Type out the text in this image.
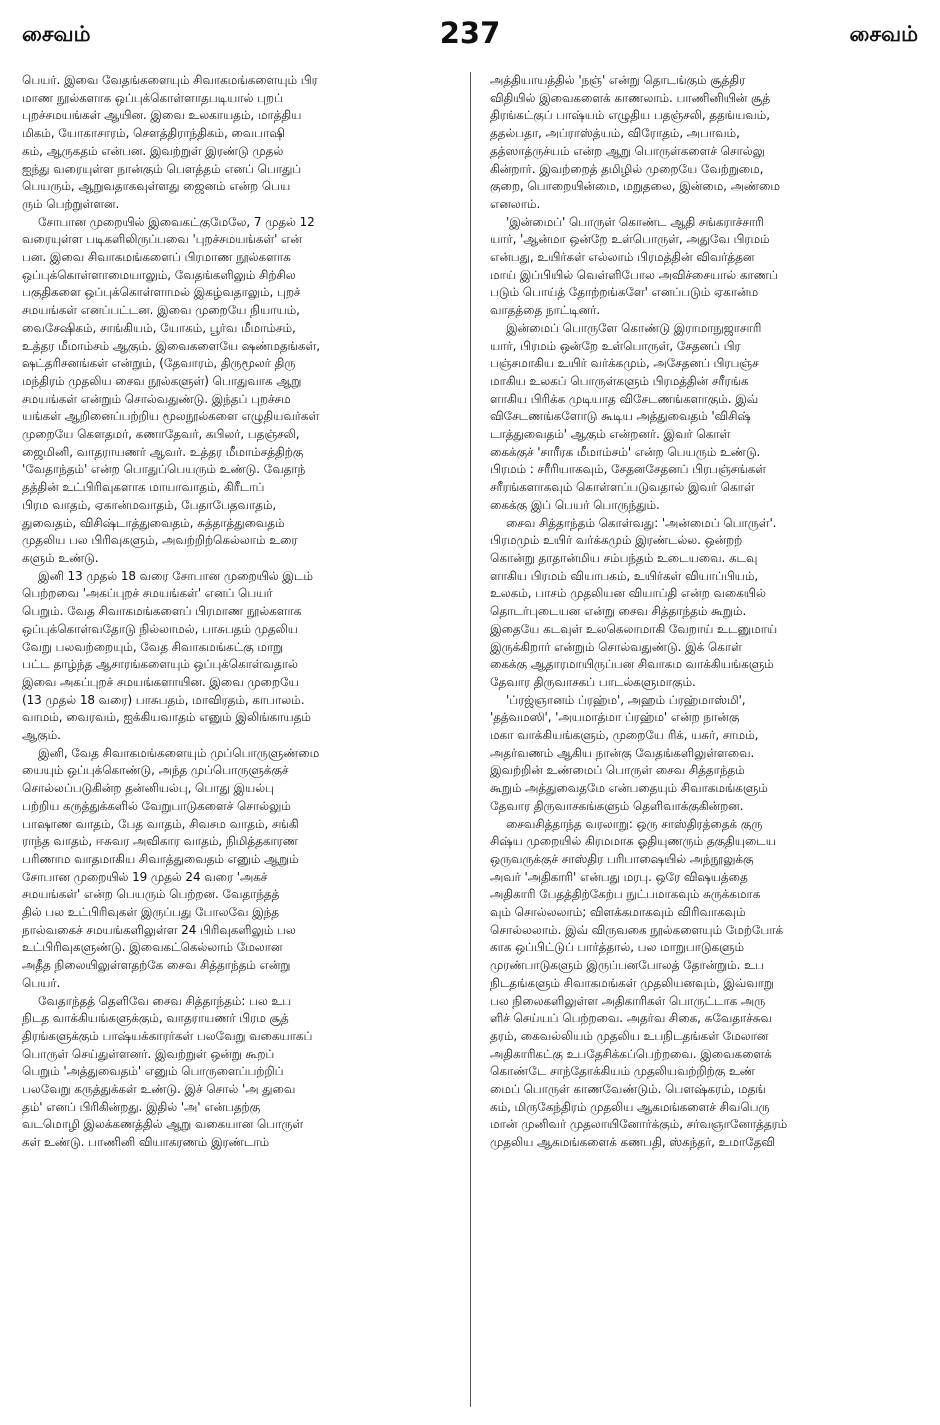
சைவம்	237	சைவம்
பெயர். இவை வேதங்களையும் சிவாகமங்களையும் பிர
மாண நூல்களாக ஒப்புக்கொள்ளாதபடியால் புறப்
புறச்சமயங்கள் ஆயின. இவை உலகாயதம், மாத்திய
மிகம், யோகாசாரம், சௌத்திராந்திகம், வைபாஷி
கம், ஆருகதம் என்பன. இவற்றுள் இரண்டு முதல்
ஐந்து வரையுள்ள நான்கும் பௌத்தம் எனப் பொதுப்
பெயரும், ஆறுவதாகவுள்ளது ஜைனம் என்ற பெய
ரும் பெற்றுள்ளன.
சோபான முறையில் இவைகட்குமேலே, 7 முதல் 12
வரையுள்ள படிகளிலிருப்பவை 'புறச்சமயங்கள்' என்
பன. இவை சிவாகமங்களைப் பிரமாண நூல்களாக
ஒப்புக்கொள்ளாமையாலும், வேதங்களிலும் சிற்சில
பகுதிகளை ஒப்புக்கொள்ளாமல் இகழ்வதாலும், புறச்
சமயங்கள் எனப்பட்டன. இவை முறையே நியாயம்,
வைசேஷிகம், சாங்கியம், யோகம், பூர்வ மீமாம்சம்,
உத்தர மீமாம்சம் ஆகும். இவைகளையே ஷண்மதங்கள்,
ஷட்தரிசனங்கள் என்றும், (தேவாரம், திருமூலர் திரு
மந்திரம் முதலிய சைவ நூல்களுள்) பொதுவாக ஆறு
சமயங்கள் என்றும் சொல்வதுண்டு. இந்தப் புறச்சம
யங்கள் ஆறினைப்பற்றிய மூலநூல்களை எழுதியவர்கள்
முறையே கௌதமர், கணாதேவர், கபிலர், பதஞ்சலி,
ஜைமினி, வாதராயணர் ஆவர். உத்தர மீமாம்சத்திற்கு
'வேதாந்தம்' என்ற பொதுப்பெயரும் உண்டு. வேதாந்
தத்தின் உட்பிரிவுகளாக மாயாவாதம், கிரீடாப்
பிரம வாதம், ஏகான்மவாதம், பேதாபேதவாதம்,
துவைதம், விசிஷ்டாத்துவைதம், சுத்தாத்துவைதம்
முதலிய பல பிரிவுகளும், அவற்றிற்கெல்லாம் உரை
களும் உண்டு.
இனி 13 முதல் 18 வரை சோபான முறையில் இடம்
பெற்றவை 'அகப்புறச் சமயங்கள்' எனப் பெயர்
பெறும். வேத சிவாகமங்களைப் பிரமாண நூல்களாக
ஒப்புக்கொள்வதோடு நில்லாமல், பாசுபதம் முதலிய
வேறு பலவற்றையும், வேத சிவாகமங்கட்கு மாறு
பட்ட தாழ்ந்த ஆசாரங்களையும் ஒப்புக்கொள்வதால்
இவை அகப்புறச் சமயங்களாயின. இவை முறையே
(13 முதல் 18 வரை) பாசுபதம், மாவிரதம், காபாலம்.
வாமம், வைரவம், ஐக்கியவாதம் எனும் இலிங்காயதம்
ஆகும்.
இனி, வேத சிவாகமங்களையும் முப்பொருளுண்மை
யையும் ஒப்புக்கொண்டு, அந்த முப்பொருளுக்குச்
சொல்லப்படுகின்ற தன்னியல்பு, பொது இயல்பு
பற்றிய கருத்துக்களில் வேறுபாடுகளைச் சொல்லும்
பாஷாண வாதம், பேத வாதம், சிவசம வாதம், சங்கி
ராந்த வாதம், ஈசுவர அவிகார வாதம், நிமித்தகாரண
பரிணாம வாதமாகிய சிவாத்துவைதம் எனும் ஆறும்
சோபான முறையில் 19 முதல் 24 வரை 'அகச்
சமயங்கள்' என்ற பெயரும் பெற்றன. வேதாந்தத்
தில் பல உட்பிரிவுகள் இருப்பது போலவே இந்த
நால்வகைச் சமயங்களிலுள்ள 24 பிரிவுகளிலும் பல
உட்பிரிவுகளுண்டு. இவைகட்கெல்லாம் மேலான
அதீத நிலையிலுள்ளதற்கே சைவ சித்தாந்தம் என்று
பெயர்.
வேதாந்தத் தெளிவே சைவ சித்தாந்தம்: பல உப
நிடத வாக்கியங்களுக்கும், வாதராயணர் பிரம சூத்
திரங்களுக்கும் பாஷ்யக்காரர்கள் பலவேறு வகையாகப்
பொருள் செய்துள்ளனர். இவற்றுள் ஒன்று கூறப்
பெறும் 'அத்துவைதம்' எனும் பொருளைப்பற்றிப்
பலவேறு கருத்துக்கள் உண்டு. இச் சொல் 'அ துவை
தம்' எனப் பிரிகின்றது. இதில் 'அ' என்பதற்கு
வடமொழி இலக்கணத்தில் ஆறு வகையான பொருள்
கள் உண்டு. பாணினி வியாகரணம் இரண்டாம்
அத்தியாயத்தில் 'நஞ்' என்று தொடங்கும் சூத்திர
விதியில் இவைகளைக் காணலாம். பாணினியின் சூத்
திரங்கட்குப் பாஷ்யம் எழுதிய பதஞ்சலி, ததங்யவம்,
ததல்பதா, அப்ராஸ்த்யம், விரோதம், அபாவம்,
தத்ஸாத்ருச்யம் என்ற ஆறு பொருள்களைச் சொல்லு
கின்றார். இவற்றைத் தமிழில் முறையே வேற்றுமை,
குறை, பொறையின்மை, மறுதலை, இன்மை, அண்மை
எனலாம்.
'இன்மைப்' பொருள் கொண்ட ஆதி சங்கராச்சாரி
யார், 'ஆன்மா ஒன்றே உள்பொருள், அதுவே பிரமம்
என்பது, உயிர்கள் எல்லாம் பிரமத்தின் விவர்த்தன
மாய் இப்பியில் வெள்ளிபோல அவிச்சையால் காணப்
படும் பொய்த் தோற்றங்களே' எனப்படும் ஏகான்ம
வாதத்தை நாட்டினர்.
இன்மைப் பொருளே கொண்டு இராமாநுஜாசாரி
யார், பிரமம் ஒன்றே உள்பொருள், சேதனப் பிர
பஞ்சமாகிய உயிர் வர்க்கமும், அசேதனப் பிரபஞ்ச
மாகிய உலகப் பொருள்களும் பிரமத்தின் சரீரங்க
ளாகிய பிரிக்க முடியாத விசேடணங்களாகும். இவ்
விசேடணங்களோடு கூடிய அத்துவைதம் 'விசிஷ்
டாத்துவைதம்' ஆகும் என்றனர். இவர் கொள்
கைக்குச் 'சாரீரக மீமாம்சம்' என்ற பெயரும் உண்டு.
பிரமம் : சரீரியாகவும், சேதனசேதனப் பிரபஞ்சங்கள்
சரீரங்களாகவும் கொள்ளப்படுவதால் இவர் கொள்
கைக்கு இப் பெயர் பொருந்தும்.
சைவ சித்தாந்தம் கொள்வது: 'அன்மைப் பொருள்'.
பிரமமும் உயிர் வர்க்கமும் இரண்டல்ல. ஒன்றற்
கொன்று தாதான்மிய சம்பந்தம் உடையவை. கடவு
ளாகிய பிரமம் வியாபகம், உயிர்கள் வியாப்பியம்,
உலகம், பாசம் முதலியன வியாப்தி என்ற வகையில்
தொடர்புடையன என்று சைவ சித்தாந்தம் கூறும்.
இதையே கடவுள் உலகெலாமாகி வேறாய் உடனுமாய்
இருக்கிறார் என்றும் சொல்வதுண்டு. இக் கொள்
கைக்கு ஆதாரமாயிருப்பன சிவாகம வாக்கியங்களும்
தேவார திருவாசகப் பாடல்களுமாகும்.
'ப்ரஜ்ஞானம் ப்ரஹ்ம', அஹம் ப்ரஹ்மாஸ்மி',
'தத்வமஸி', 'அயமாத்மா ப்ரஹ்ம' என்ற நான்கு
மகா வாக்கியங்களும், முறையே ரிக், யசுர், சாமம்,
அதர்வணம் ஆகிய நான்கு வேதங்களிலுள்ளவை.
இவற்றின் உண்மைப் பொருள் சைவ சித்தாந்தம்
கூறும் அத்துவைதமே என்பதையும் சிவாகமங்களும்
தேவார திருவாசகங்களும் தெளிவாக்குகின்றன.
சைவசித்தாந்த வரலாறு: ஒரு சாஸ்திரத்தைக் குரு
சிஷ்ய முறையில் கிரமமாக ஓதியுணரும் தகுதியுடைய
ஒருவருக்குச் சாஸ்திர பரிபாஷையில் அந்நூலுக்கு
அவர் 'அதிகாரி' என்பது மரபு. ஒரே விஷயத்தை
அதிகாரி பேதத்திற்கேற்ப நுட்பமாகவும் சுருக்கமாக
வும் சொல்லலாம்; விளக்கமாகவும் விரிவாகவும்
சொல்லலாம். இவ் விருவகை நூல்களையும் மேற்போக்
காக ஒப்பிட்டுப் பார்த்தால், பல மாறுபாடுகளும்
முரண்பாடுகளும் இருப்பனபோலத் தோன்றும். உப
நிடதங்களும் சிவாகமங்கள் முதலியனவும், இவ்வாறு
பல நிலைகளிலுள்ள அதிகாரிகள் பொருட்டாக அரு
ளிச் செய்யப் பெற்றவை. அதர்வ சிகை, சுவேதாச்சுவ
தரம், கைவல்லியம் முதலிய உபநிடதங்கள் மேலான
அதிகாரிகட்கு உபதேசிக்கப்பெற்றவை. இவைகளைக்
கொண்டே சாந்தோக்கியம் முதலியவற்றிற்கு உண்
மைப் பொருள் காணவேண்டும். பௌஷ்கரம், மதங்
கம், மிருகேந்திரம் முதலிய ஆகமங்களைச் சிவபெரு
மான் முனிவர் முதலாயினோர்க்கும், சர்வஞானோத்தரம்
முதலிய ஆகமங்களைக் கணபதி, ஸ்கந்தர், உமாதேவி
